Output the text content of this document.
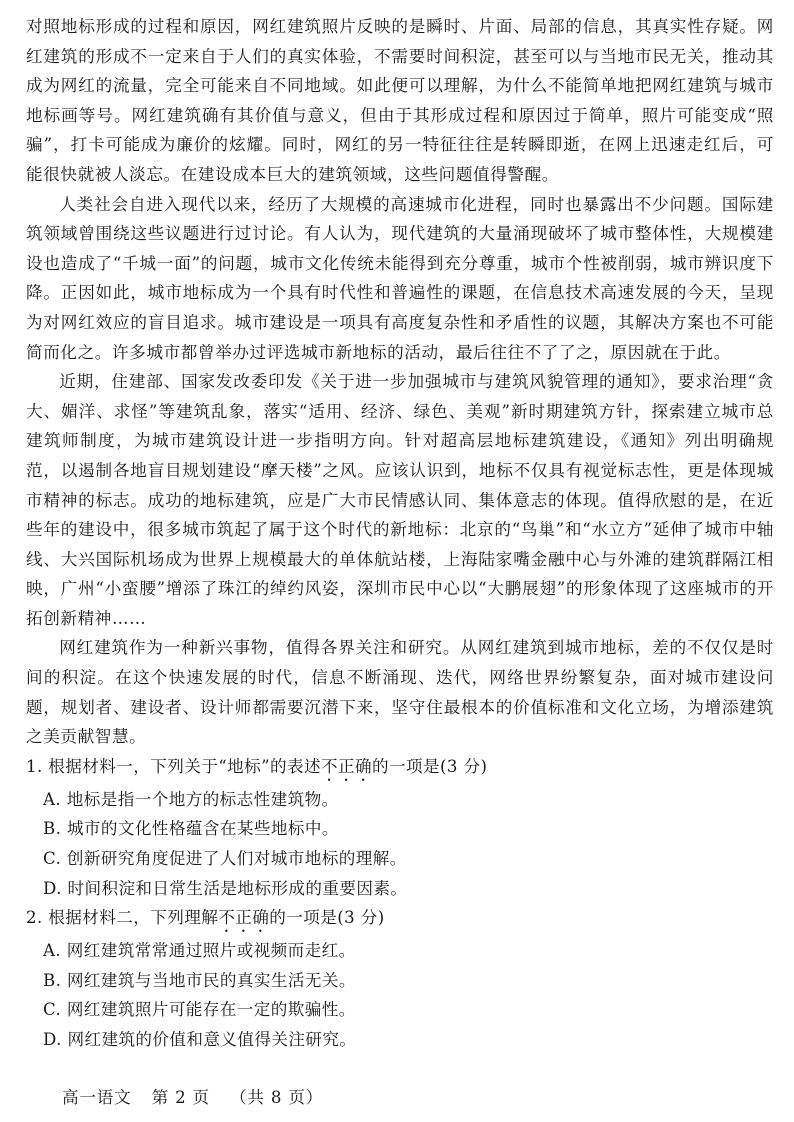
对照地标形成的过程和原因，网红建筑照片反映的是瞬时、片面、局部的信息，其真实性存疑。网红建筑的形成不一定来自于人们的真实体验，不需要时间积淀，甚至可以与当地市民无关，推动其成为网红的流量，完全可能来自不同地域。如此便可以理解，为什么不能简单地把网红建筑与城市地标画等号。网红建筑确有其价值与意义，但由于其形成过程和原因过于简单，照片可能变成“照骗”，打卡可能成为廉价的炫耀。同时，网红的另一特征往往是转瞬即逝，在网上迅速走红后，可能很快就被人淡忘。在建设成本巨大的建筑领域，这些问题值得警醒。

人类社会自进入现代以来，经历了大规模的高速城市化进程，同时也暴露出不少问题。国际建筑领域曾围绕这些议题进行过讨论。有人认为，现代建筑的大量涌现破坏了城市整体性，大规模建设也造成了“千城一面”的问题，城市文化传统未能得到充分尊重，城市个性被削弱，城市辨识度下降。正因如此，城市地标成为一个具有时代性和普遍性的课题，在信息技术高速发展的今天，呈现为对网红效应的盲目追求。城市建设是一项具有高度复杂性和矛盾性的议题，其解决方案也不可能简而化之。许多城市都曾举办过评选城市新地标的活动，最后往往不了了之，原因就在于此。

近期，住建部、国家发改委印发《关于进一步加强城市与建筑风貌管理的通知》，要求治理“贪大、媚洋、求怪”等建筑乱象，落实“适用、经济、绿色、美观”新时期建筑方针，探索建立城市总建筑师制度，为城市建筑设计进一步指明方向。针对超高层地标建筑建设，《通知》列出明确规范，以遏制各地盲目规划建设“摩天楼”之风。应该认识到，地标不仅具有视觉标志性，更是体现城市精神的标志。成功的地标建筑，应是广大市民情感认同、集体意志的体现。值得欣慰的是，在近些年的建设中，很多城市筑起了属于这个时代的新地标：北京的“鸟巢”和“水立方”延伸了城市中轴线、大兴国际机场成为世界上规模最大的单体航站楼，上海陆家嘴金融中心与外滩的建筑群隔江相映，广州“小蛮腰”增添了珠江的绰约风姿，深圳市民中心以“大鹏展翅”的形象体现了这座城市的开拓创新精神……

网红建筑作为一种新兴事物，值得各界关注和研究。从网红建筑到城市地标，差的不仅仅是时间的积淀。在这个快速发展的时代，信息不断涌现、迭代，网络世界纷繁复杂，面对城市建设问题，规划者、建设者、设计师都需要沉潜下来，坚守住最根本的价值标准和文化立场，为增添建筑之美贡献智慧。

1. 根据材料一，下列关于“地标”的表述不正确的一项是(3 分)

A. 地标是指一个地方的标志性建筑物。

B. 城市的文化性格蕴含在某些地标中。

C. 创新研究角度促进了人们对城市地标的理解。

D. 时间积淀和日常生活是地标形成的重要因素。

2. 根据材料二，下列理解不正确的一项是(3 分)

A. 网红建筑常常通过照片或视频而走红。

B. 网红建筑与当地市民的真实生活无关。

C. 网红建筑照片可能存在一定的欺骗性。

D. 网红建筑的价值和意义值得关注研究。

高一语文 第 2 页 （共 8 页）
